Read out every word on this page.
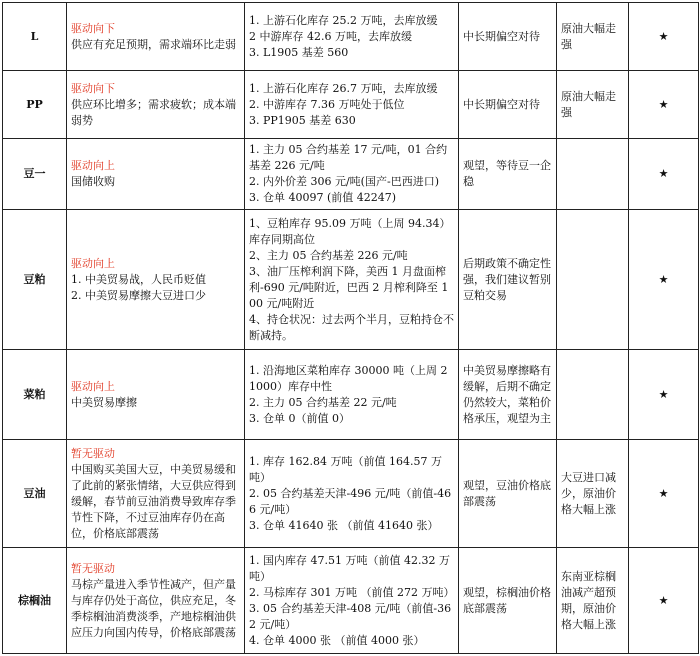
L	驱动向下
供应有充足预期，需求端环比走弱	1. 上游石化库存 25.2 万吨，去库放缓
2 中游库存 42.6 万吨，去库放缓
3. L1905 基差 560	中长期偏空对待	原油大幅走强	★
PP	驱动向下
供应环比增多；需求疲软；成本端弱势	1. 上游石化库存 26.7 万吨，去库放缓
2. 中游库存 7.36 万吨处于低位
3. PP1905 基差 630	中长期偏空对待	原油大幅走强	★
豆一	驱动向上
国储收购	1. 主力 05 合约基差 17 元/吨，01 合约基差 226 元/吨
2. 内外价差 306 元/吨(国产-巴西进口)
3. 仓单 40097 (前值 42247)	观望，等待豆一企稳		★
豆粕	驱动向上
1. 中美贸易战，人民币贬值
2. 中美贸易摩擦大豆进口少	1、豆粕库存 95.09 万吨（上周 94.34）库存同期高位
2、主力 05 合约基差 226 元/吨
3、油厂压榨利润下降，美西 1 月盘面榨利-690 元/吨附近，巴西 2 月榨利降至 100 元/吨附近
4、持仓状况：过去两个半月，豆粕持仓不断减持。	后期政策不确定性强，我们建议暂别豆粕交易		★
菜粕	驱动向上
中美贸易摩擦	1. 沿海地区菜粕库存 30000 吨（上周 21000）库存中性
2. 主力 05 合约基差 22 元/吨
3. 仓单 0（前值 0）	中美贸易摩擦略有缓解，后期不确定仍然较大，菜粕价格承压，观望为主		★
豆油	暂无驱动
中国购买美国大豆，中美贸易缓和了此前的紧张情绪，大豆供应得到缓解，春节前豆油消费导致库存季节性下降，不过豆油库存仍在高位，价格底部震荡	1. 库存 162.84 万吨（前值 164.57 万吨）
2. 05 合约基差天津-496 元/吨（前值-466 元/吨）
3. 仓单 41640 张 （前值 41640 张）	观望，豆油价格底部震荡	大豆进口减少，原油价格大幅上涨	★
棕榈油	暂无驱动
马棕产量进入季节性减产，但产量与库存仍处于高位，供应充足，冬季棕榈油消费淡季，产地棕榈油供应压力向国内传导，价格底部震荡	1. 国内库存 47.51 万吨（前值 42.32 万吨）
2. 马棕库存 301 万吨 （前值 272 万吨）
3. 05 合约基差天津-408 元/吨（前值-362 元/吨）
4. 仓单 4000 张 （前值 4000 张）	观望，棕榈油价格底部震荡	东南亚棕榈油减产超预期，原油价格大幅上涨	★
